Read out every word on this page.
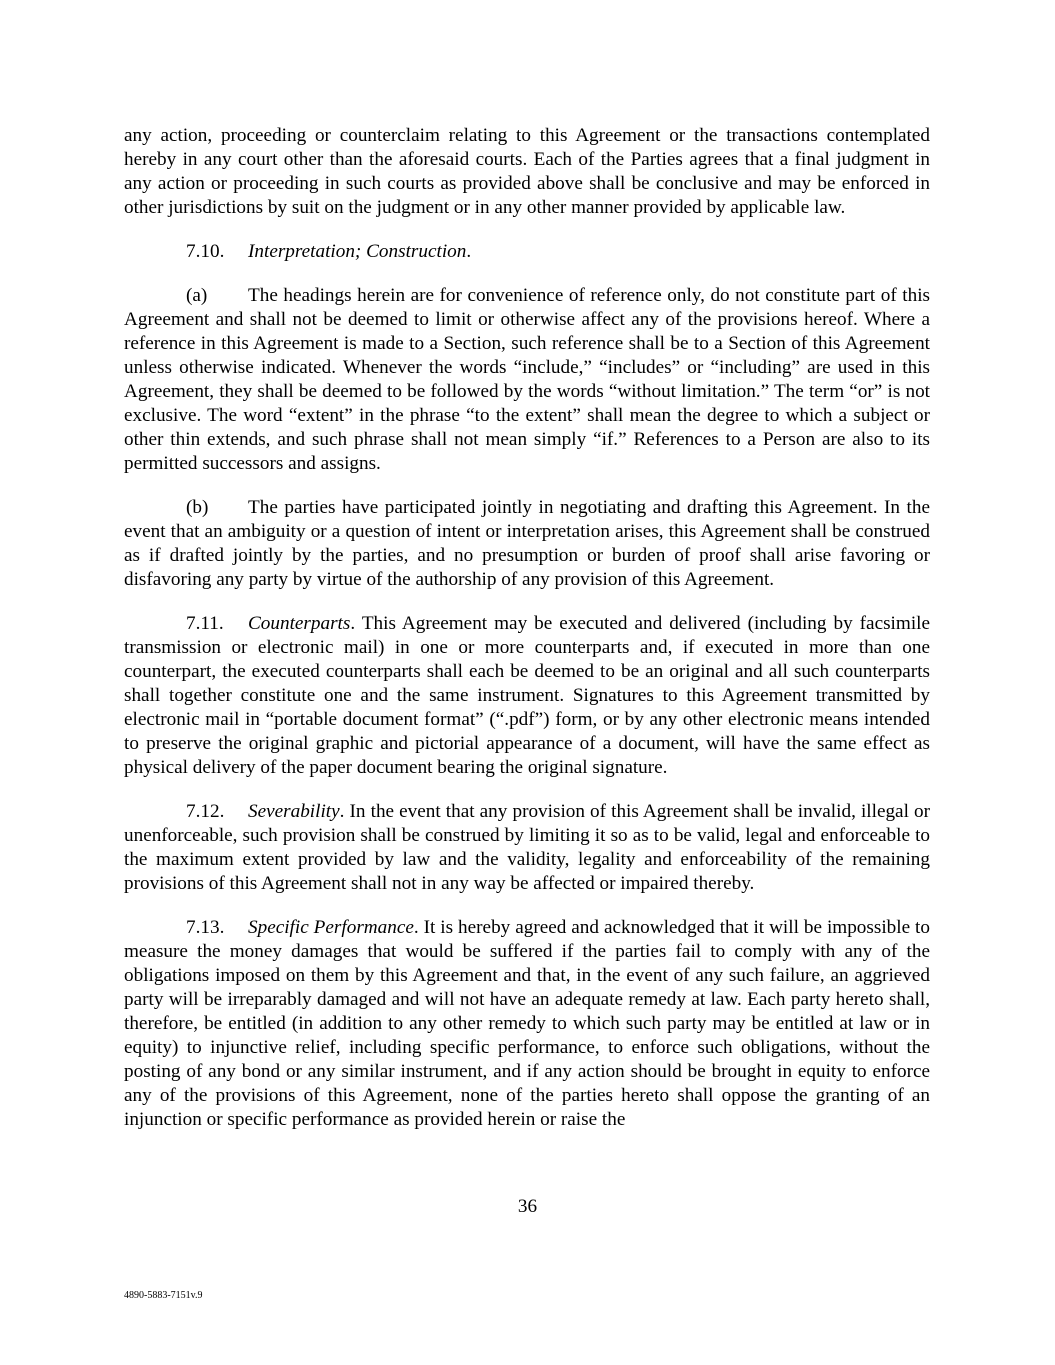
any action, proceeding or counterclaim relating to this Agreement or the transactions contemplated hereby in any court other than the aforesaid courts. Each of the Parties agrees that a final judgment in any action or proceeding in such courts as provided above shall be conclusive and may be enforced in other jurisdictions by suit on the judgment or in any other manner provided by applicable law.

7.10. Interpretation; Construction.

(a) The headings herein are for convenience of reference only, do not constitute part of this Agreement and shall not be deemed to limit or otherwise affect any of the provisions hereof. Where a reference in this Agreement is made to a Section, such reference shall be to a Section of this Agreement unless otherwise indicated. Whenever the words “include,” “includes” or “including” are used in this Agreement, they shall be deemed to be followed by the words “without limitation.” The term “or” is not exclusive. The word “extent” in the phrase “to the extent” shall mean the degree to which a subject or other thin extends, and such phrase shall not mean simply “if.” References to a Person are also to its permitted successors and assigns.

(b) The parties have participated jointly in negotiating and drafting this Agreement. In the event that an ambiguity or a question of intent or interpretation arises, this Agreement shall be construed as if drafted jointly by the parties, and no presumption or burden of proof shall arise favoring or disfavoring any party by virtue of the authorship of any provision of this Agreement.

7.11. Counterparts. This Agreement may be executed and delivered (including by facsimile transmission or electronic mail) in one or more counterparts and, if executed in more than one counterpart, the executed counterparts shall each be deemed to be an original and all such counterparts shall together constitute one and the same instrument. Signatures to this Agreement transmitted by electronic mail in “portable document format” (“.pdf”) form, or by any other electronic means intended to preserve the original graphic and pictorial appearance of a document, will have the same effect as physical delivery of the paper document bearing the original signature.

7.12. Severability. In the event that any provision of this Agreement shall be invalid, illegal or unenforceable, such provision shall be construed by limiting it so as to be valid, legal and enforceable to the maximum extent provided by law and the validity, legality and enforceability of the remaining provisions of this Agreement shall not in any way be affected or impaired thereby.

7.13. Specific Performance. It is hereby agreed and acknowledged that it will be impossible to measure the money damages that would be suffered if the parties fail to comply with any of the obligations imposed on them by this Agreement and that, in the event of any such failure, an aggrieved party will be irreparably damaged and will not have an adequate remedy at law. Each party hereto shall, therefore, be entitled (in addition to any other remedy to which such party may be entitled at law or in equity) to injunctive relief, including specific performance, to enforce such obligations, without the posting of any bond or any similar instrument, and if any action should be brought in equity to enforce any of the provisions of this Agreement, none of the parties hereto shall oppose the granting of an injunction or specific performance as provided herein or raise the

36
4890-5883-7151v.9
